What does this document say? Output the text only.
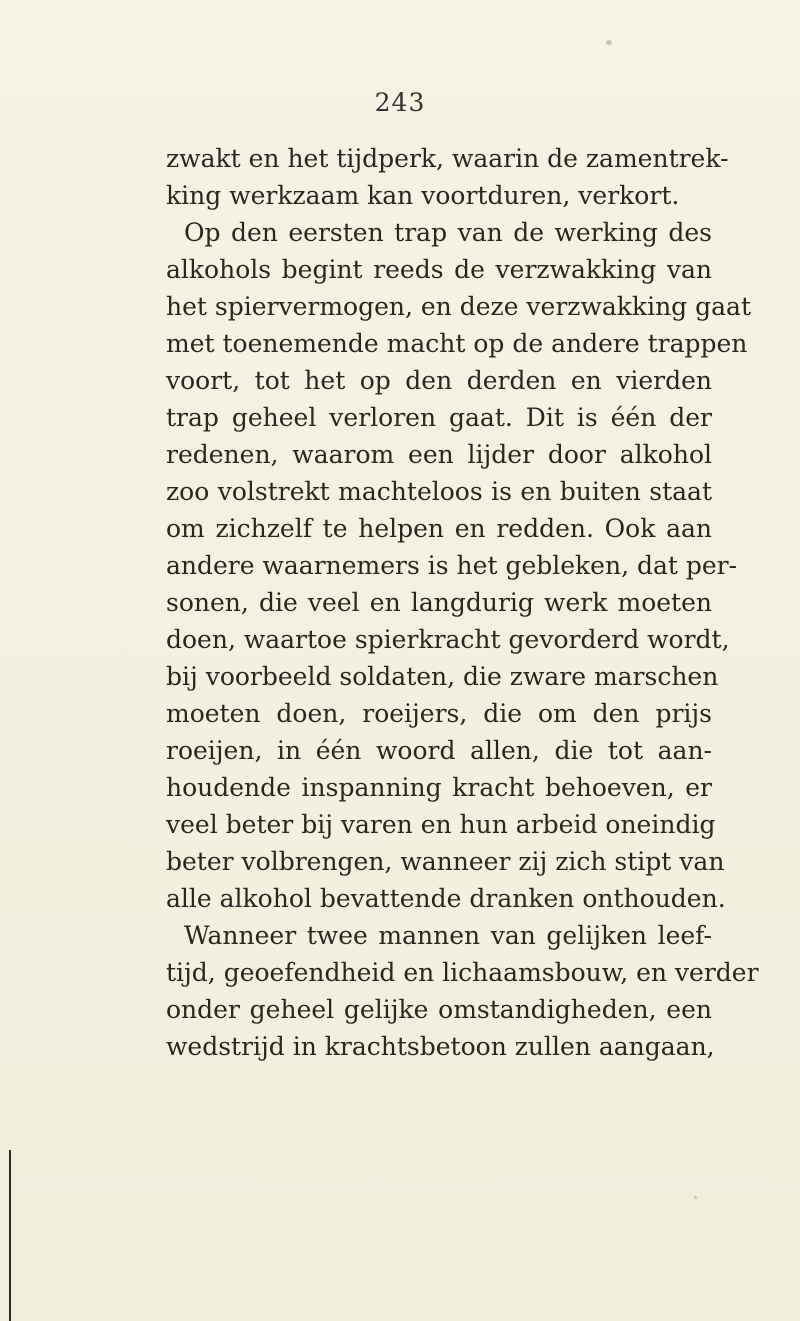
243
zwakt en het tijdperk, waarin de zamentrek-
king werkzaam kan voortduren, verkort.
Op den eersten trap van de werking des
alkohols begint reeds de verzwakking van
het spiervermogen, en deze verzwakking gaat
met toenemende macht op de andere trappen
voort, tot het op den derden en vierden
trap geheel verloren gaat. Dit is één der
redenen, waarom een lijder door alkohol
zoo volstrekt machteloos is en buiten staat
om zichzelf te helpen en redden. Ook aan
andere waarnemers is het gebleken, dat per-
sonen, die veel en langdurig werk moeten
doen, waartoe spierkracht gevorderd wordt,
bij voorbeeld soldaten, die zware marschen
moeten doen, roeijers, die om den prijs
roeijen, in één woord allen, die tot aan-
houdende inspanning kracht behoeven, er
veel beter bij varen en hun arbeid oneindig
beter volbrengen, wanneer zij zich stipt van
alle alkohol bevattende dranken onthouden.
Wanneer twee mannen van gelijken leef-
tijd, geoefendheid en lichaamsbouw, en verder
onder geheel gelijke omstandigheden, een
wedstrijd in krachtsbetoon zullen aangaan,
